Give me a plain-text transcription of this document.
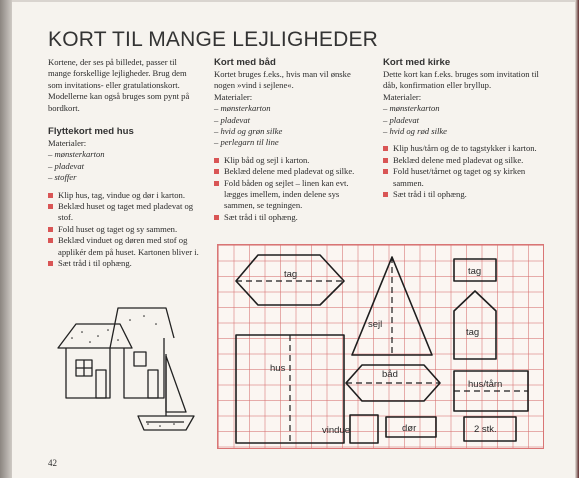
KORT TIL MANGE LEJLIGHEDER

Kortene, der ses på billedet, passer til mange forskellige lejligheder. Brug dem som invitations- eller gratulationskort. Modellerne kan også bruges som pynt på bordkort.

Flyttekort med hus

Materialer:

– mønsterkarton

– pladevat

– stoffer

Klip hus, tag, vindue og dør i karton.
Beklæd huset og taget med pladevat og stof.
Fold huset og taget og sy sammen.
Beklæd vinduet og døren med stof og applikér dem på huset. Kartonen bliver i.
Sæt tråd i til ophæng.
Kort med båd

Kortet bruges f.eks., hvis man vil ønske nogen »vind i sejlene«.

Materialer:

– mønsterkarton

– pladevat

– hvid og grøn silke

– perlegarn til line

Klip båd og sejl i karton.
Beklæd delene med pladevat og silke.
Fold båden og sejlet – linen kan evt. lægges imellem, inden delene sys sammen, se tegningen.
Sæt tråd i til ophæng.
Kort med kirke

Dette kort kan f.eks. bruges som invitation til dåb, konfirmation eller bryllup.

Materialer:

– mønsterkarton

– pladevat

– hvid og rød silke

Klip hus/tårn og de to tagstykker i karton.
Beklæd delene med pladevat og silke.
Fold huset/tårnet og taget og sy kirken sammen.
Sæt tråd i til ophæng.
tag
hus
sejl
båd
vindue	dør
tag
tag
hus/tårn
2 stk.
42
